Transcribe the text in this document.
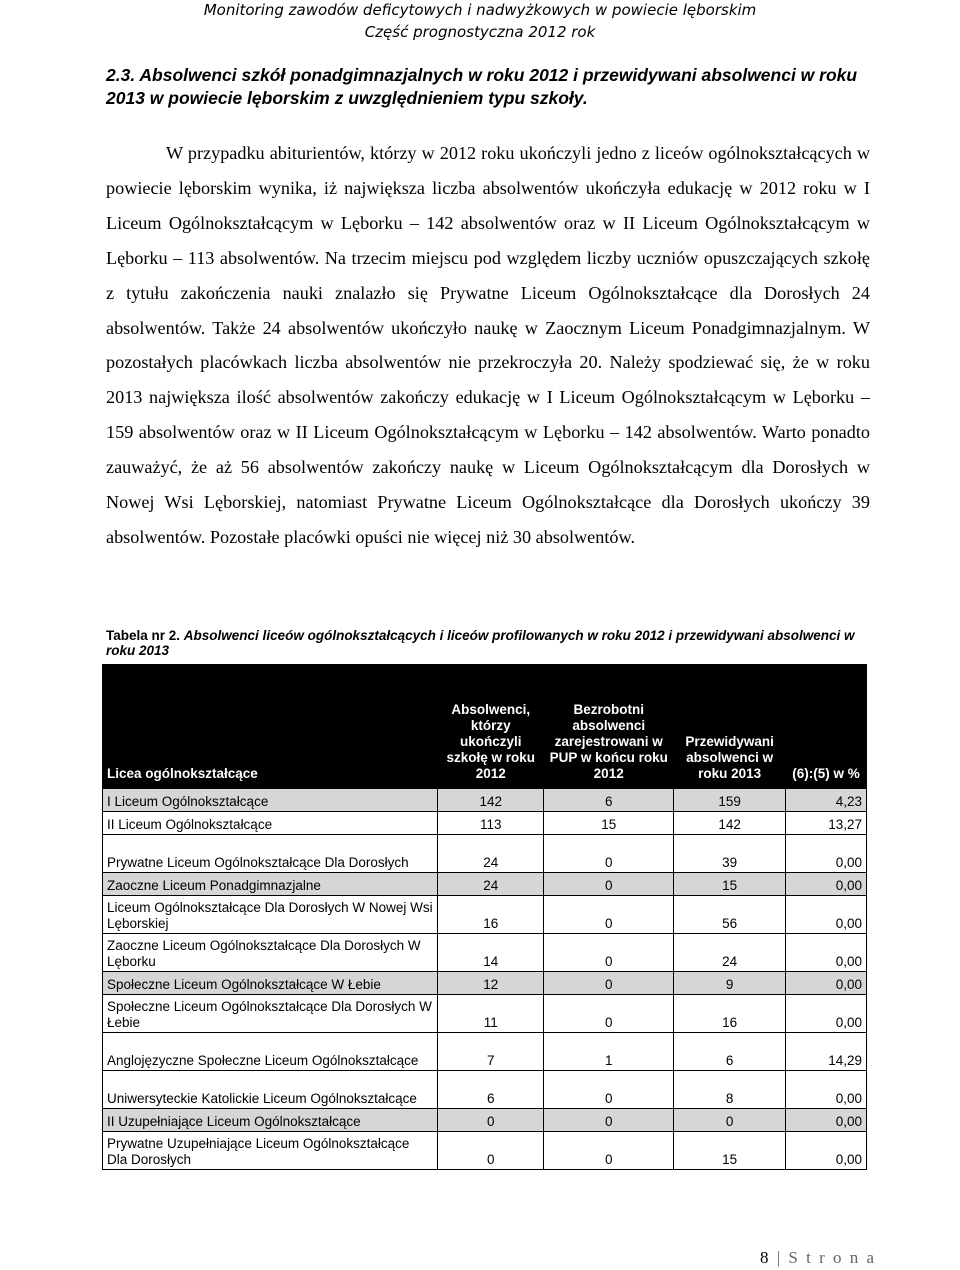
Monitoring zawodów deficytowych i nadwyżkowych w powiecie lęborskim
Część prognostyczna 2012 rok
2.3. Absolwenci szkół ponadgimnazjalnych w roku 2012 i przewidywani absolwenci w roku 2013 w powiecie lęborskim z uwzględnieniem typu szkoły.

W przypadku abiturientów, którzy w 2012 roku ukończyli jedno z liceów ogólnokształcących w powiecie lęborskim wynika, iż największa liczba absolwentów ukończyła edukację w 2012 roku w I Liceum Ogólnokształcącym w Lęborku – 142 absolwentów oraz w II Liceum Ogólnokształcącym w Lęborku – 113 absolwentów. Na trzecim miejscu pod względem liczby uczniów opuszczających szkołę z tytułu zakończenia nauki znalazło się Prywatne Liceum Ogólnokształcące dla Dorosłych 24 absolwentów. Także 24 absolwentów ukończyło naukę w Zaocznym Liceum Ponadgimnazjalnym. W pozostałych placówkach liczba absolwentów nie przekroczyła 20. Należy spodziewać się, że w roku 2013 największa ilość absolwentów zakończy edukację w I Liceum Ogólnokształcącym w Lęborku – 159 absolwentów oraz w II Liceum Ogólnokształcącym w Lęborku – 142 absolwentów. Warto ponadto zauważyć, że aż 56 absolwentów zakończy naukę w Liceum Ogólnokształcącym dla Dorosłych w Nowej Wsi Lęborskiej, natomiast Prywatne Liceum Ogólnokształcące dla Dorosłych ukończy 39 absolwentów. Pozostałe placówki opuści nie więcej niż 30 absolwentów.

Tabela nr 2. Absolwenci liceów ogólnokształcących i liceów profilowanych w roku 2012 i przewidywani absolwenci w roku 2013
Licea ogólnokształcące	Absolwenci, którzy ukończyli szkołę w roku 2012	Bezrobotni absolwenci zarejestrowani w PUP w końcu roku 2012	Przewidywani absolwenci w roku 2013	(6):(5) w %
I Liceum Ogólnokształcące	142	6	159	4,23
II Liceum Ogólnokształcące	113	15	142	13,27
Prywatne Liceum Ogólnokształcące Dla Dorosłych	24	0	39	0,00
Zaoczne Liceum Ponadgimnazjalne	24	0	15	0,00
Liceum Ogólnokształcące Dla Dorosłych W Nowej Wsi Lęborskiej	16	0	56	0,00
Zaoczne Liceum Ogólnokształcące Dla Dorosłych W Lęborku	14	0	24	0,00
Społeczne Liceum Ogólnokształcące W Łebie	12	0	9	0,00
Społeczne Liceum Ogólnokształcące Dla Dorosłych W Łebie	11	0	16	0,00
Anglojęzyczne Społeczne Liceum Ogólnokształcące	7	1	6	14,29
Uniwersyteckie Katolickie Liceum Ogólnokształcące	6	0	8	0,00
II Uzupełniające Liceum Ogólnokształcące	0	0	0	0,00
Prywatne Uzupełniające Liceum Ogólnokształcące Dla Dorosłych	0	0	15	0,00
8 | S t r o n a
